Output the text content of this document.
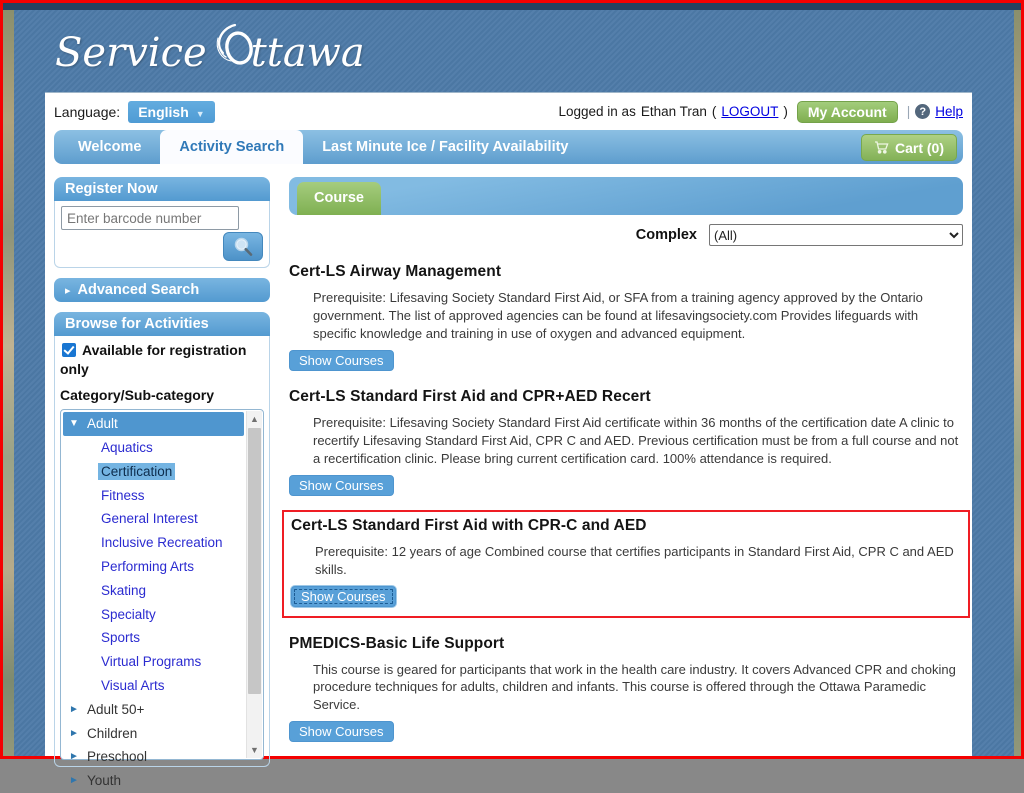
Service ttawa
Language:	English ▼	Logged in as Ethan Tran ( LOGOUT )	My Account	| ? Help
Welcome	Activity Search	Last Minute Ice / Facility Availability	Cart (0)
Register Now
Enter barcode number
▸ Advanced Search
Browse for Activities
Available for registration only
Category/Sub-category
▼ Adult
Aquatics
Certification
Fitness
General Interest
Inclusive Recreation
Performing Arts
Skating
Specialty
Sports
Virtual Programs
Visual Arts
► Adult 50+
► Children
► Preschool
► Youth
▲
▼
Course
Complex
(All)
Cert-LS Airway Management

Prerequisite: Lifesaving Society Standard First Aid, or SFA from a training agency approved by the Ontario government. The list of approved agencies can be found at lifesavingsociety.com Provides lifeguards with specific knowledge and training in use of oxygen and advanced equipment.

Show Courses
Cert-LS Standard First Aid and CPR+AED Recert

Prerequisite: Lifesaving Society Standard First Aid certificate within 36 months of the certification date A clinic to recertify Lifesaving Standard First Aid, CPR C and AED. Previous certification must be from a full course and not a recertification clinic. Please bring current certification card. 100% attendance is required.

Show Courses
Cert-LS Standard First Aid with CPR-C and AED

Prerequisite: 12 years of age Combined course that certifies participants in Standard First Aid, CPR C and AED skills.

Show Courses
PMEDICS-Basic Life Support

This course is geared for participants that work in the health care industry. It covers Advanced CPR and choking procedure techniques for adults, children and infants. This course is offered through the Ottawa Paramedic Service.

Show Courses
